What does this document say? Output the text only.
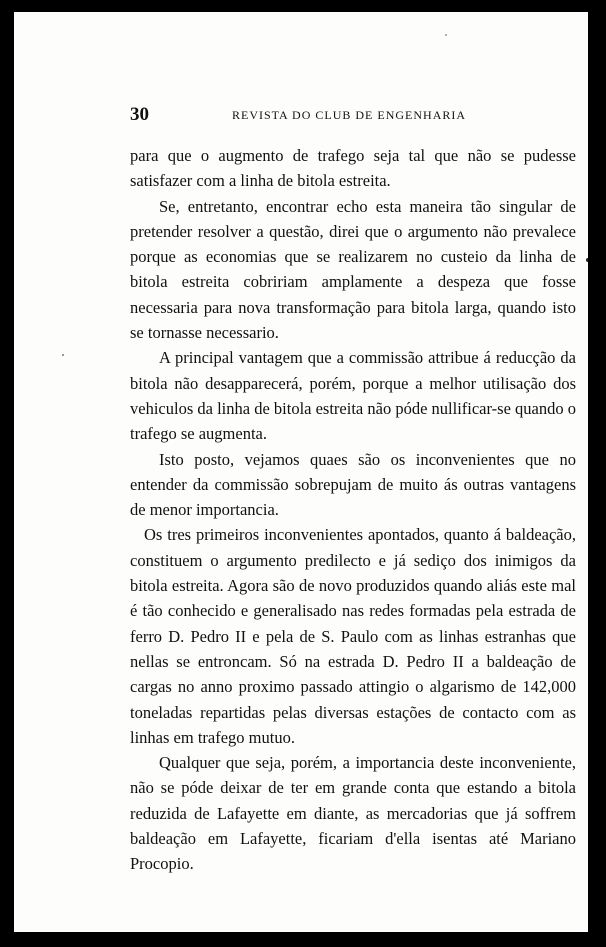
30	REVISTA DO CLUB DE ENGENHARIA

para que o augmento de trafego seja tal que não se pudesse satisfazer com a linha de bitola estreita.

Se, entretanto, encontrar echo esta maneira tão singular de pretender resolver a questão, direi que o argumento não prevalece porque as economias que se realizarem no custeio da linha de bitola estreita cobririam amplamente a despeza que fosse necessaria para nova transformação para bitola larga, quando isto se tornasse necessario.

A principal vantagem que a commissão attribue á reducção da bitola não desapparecerá, porém, porque a melhor utilisação dos vehiculos da linha de bitola estreita não póde nullificar-se quando o trafego se augmenta.

Isto posto, vejamos quaes são os inconvenientes que no entender da commissão sobrepujam de muito ás outras vantagens de menor importancia.

Os tres primeiros inconvenientes apontados, quanto á baldeação, constituem o argumento predilecto e já sediço dos inimigos da bitola estreita. Agora são de novo produzidos quando aliás este mal é tão conhecido e generalisado nas redes formadas pela estrada de ferro D. Pedro II e pela de S. Paulo com as linhas estranhas que nellas se entroncam. Só na estrada D. Pedro II a baldeação de cargas no anno proximo passado attingio o algarismo de 142,000 toneladas repartidas pelas diversas estações de contacto com as linhas em trafego mutuo.

Qualquer que seja, porém, a importancia deste inconveniente, não se póde deixar de ter em grande conta que estando a bitola reduzida de Lafayette em diante, as mercadorias que já soffrem baldeação em Lafayette, ficariam d'ella isentas até Mariano Procopio.
